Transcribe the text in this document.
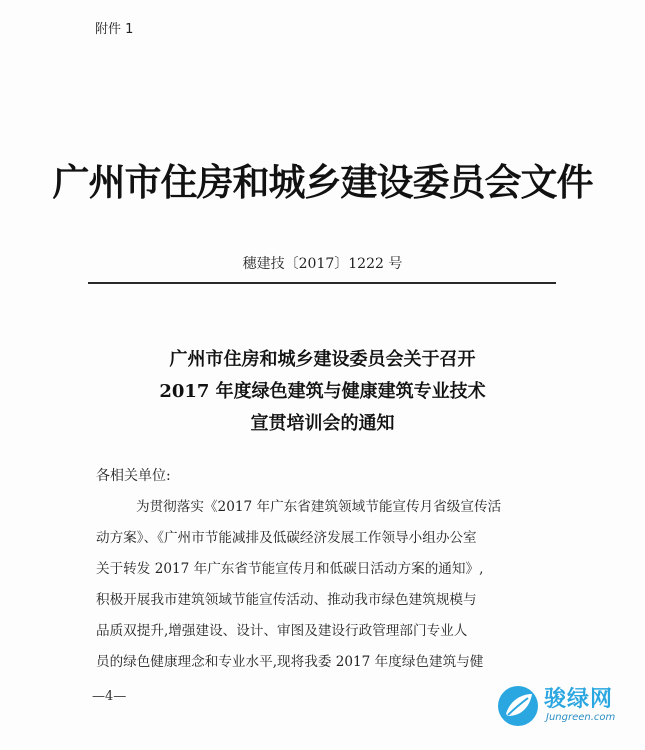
附件 1
广州市住房和城乡建设委员会文件
穗建技〔2017〕1222 号
广州市住房和城乡建设委员会关于召开
2017 年度绿色建筑与健康建筑专业技术
宣贯培训会的通知
各相关单位:
为贯彻落实《2017 年广东省建筑领域节能宣传月省级宣传活
动方案》、《广州市节能减排及低碳经济发展工作领导小组办公室
关于转发 2017 年广东省节能宣传月和低碳日活动方案的通知》,
积极开展我市建筑领域节能宣传活动、推动我市绿色建筑规模与
品质双提升,增强建设、设计、审图及建设行政管理部门专业人
员的绿色健康理念和专业水平,现将我委 2017 年度绿色建筑与健
—4—	骏绿网
Jungreen.com
